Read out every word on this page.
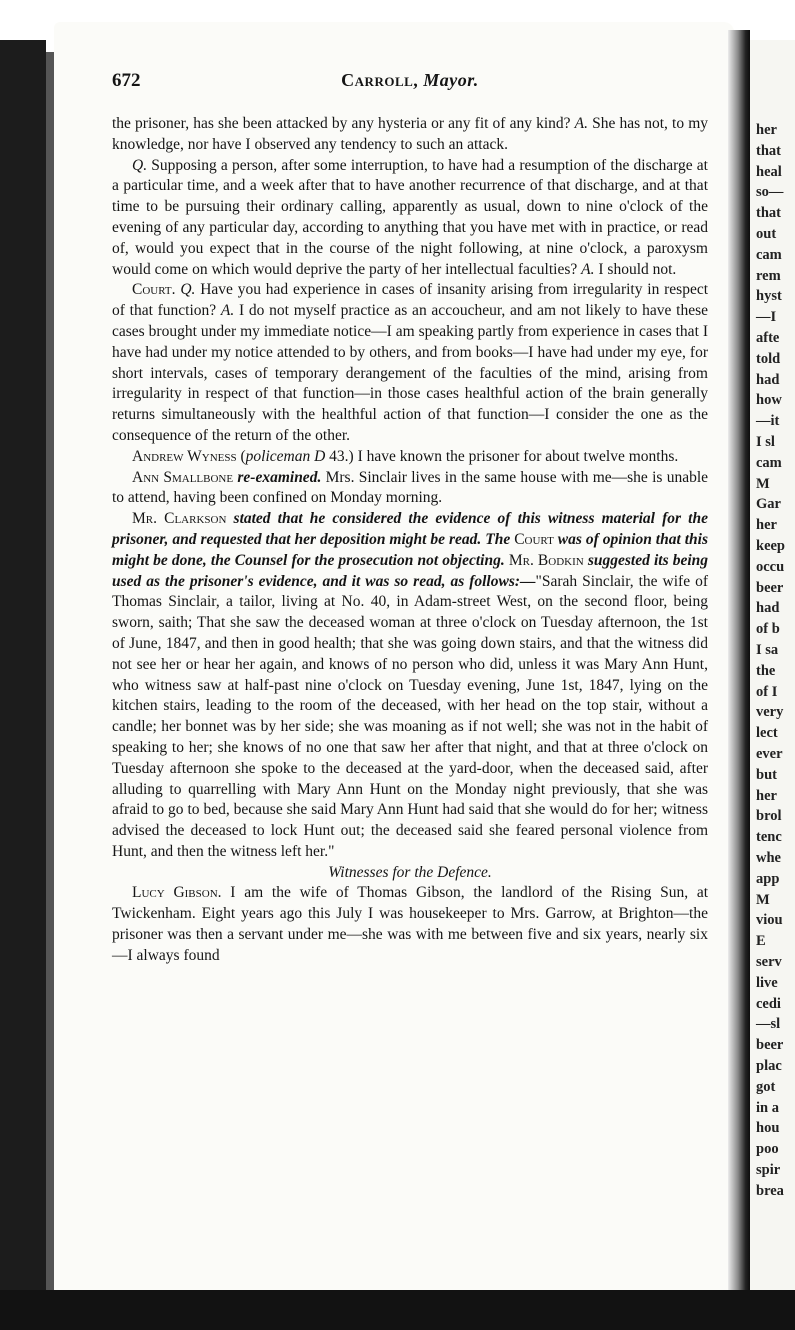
her
that
heal
so—
that
out
cam
rem
hyst
—I
afte
told
had
how
—it
I sl
cam
M
Gar
her
keep
occu
beer
had
of b
I sa
the
of I
very
lect
ever
but
her
brol
tenc
whe
app
M
viou
E
serv
live
cedi
—sl
beer
plac
got
in a
hou
poo
spir
brea
672	Carroll, Mayor.

the prisoner, has she been attacked by any hysteria or any fit of any kind? A. She has not, to my knowledge, nor have I observed any tendency to such an attack.

Q. Supposing a person, after some interruption, to have had a resumption of the discharge at a particular time, and a week after that to have another recurrence of that discharge, and at that time to be pursuing their ordinary calling, apparently as usual, down to nine o'clock of the evening of any particular day, according to anything that you have met with in practice, or read of, would you expect that in the course of the night following, at nine o'clock, a paroxysm would come on which would deprive the party of her intellectual faculties? A. I should not.

Court. Q. Have you had experience in cases of insanity arising from irregularity in respect of that function? A. I do not myself practice as an accoucheur, and am not likely to have these cases brought under my immediate notice—I am speaking partly from experience in cases that I have had under my notice attended to by others, and from books—I have had under my eye, for short intervals, cases of temporary derangement of the faculties of the mind, arising from irregularity in respect of that function—in those cases healthful action of the brain generally returns simultaneously with the healthful action of that function—I consider the one as the consequence of the return of the other.

Andrew Wyness (policeman D 43.) I have known the prisoner for about twelve months.

Ann Smallbone re-examined. Mrs. Sinclair lives in the same house with me—she is unable to attend, having been confined on Monday morning.

Mr. Clarkson stated that he considered the evidence of this witness material for the prisoner, and requested that her deposition might be read. The Court was of opinion that this might be done, the Counsel for the prosecution not objecting. Mr. Bodkin suggested its being used as the prisoner's evidence, and it was so read, as follows:—"Sarah Sinclair, the wife of Thomas Sinclair, a tailor, living at No. 40, in Adam-street West, on the second floor, being sworn, saith; That she saw the deceased woman at three o'clock on Tuesday afternoon, the 1st of June, 1847, and then in good health; that she was going down stairs, and that the witness did not see her or hear her again, and knows of no person who did, unless it was Mary Ann Hunt, who witness saw at half-past nine o'clock on Tuesday evening, June 1st, 1847, lying on the kitchen stairs, leading to the room of the deceased, with her head on the top stair, without a candle; her bonnet was by her side; she was moaning as if not well; she was not in the habit of speaking to her; she knows of no one that saw her after that night, and that at three o'clock on Tuesday afternoon she spoke to the deceased at the yard-door, when the deceased said, after alluding to quarrelling with Mary Ann Hunt on the Monday night previously, that she was afraid to go to bed, because she said Mary Ann Hunt had said that she would do for her; witness advised the deceased to lock Hunt out; the deceased said she feared personal violence from Hunt, and then the witness left her."

Witnesses for the Defence.

Lucy Gibson. I am the wife of Thomas Gibson, the landlord of the Rising Sun, at Twickenham. Eight years ago this July I was housekeeper to Mrs. Garrow, at Brighton—the prisoner was then a servant under me—she was with me between five and six years, nearly six—I always found
